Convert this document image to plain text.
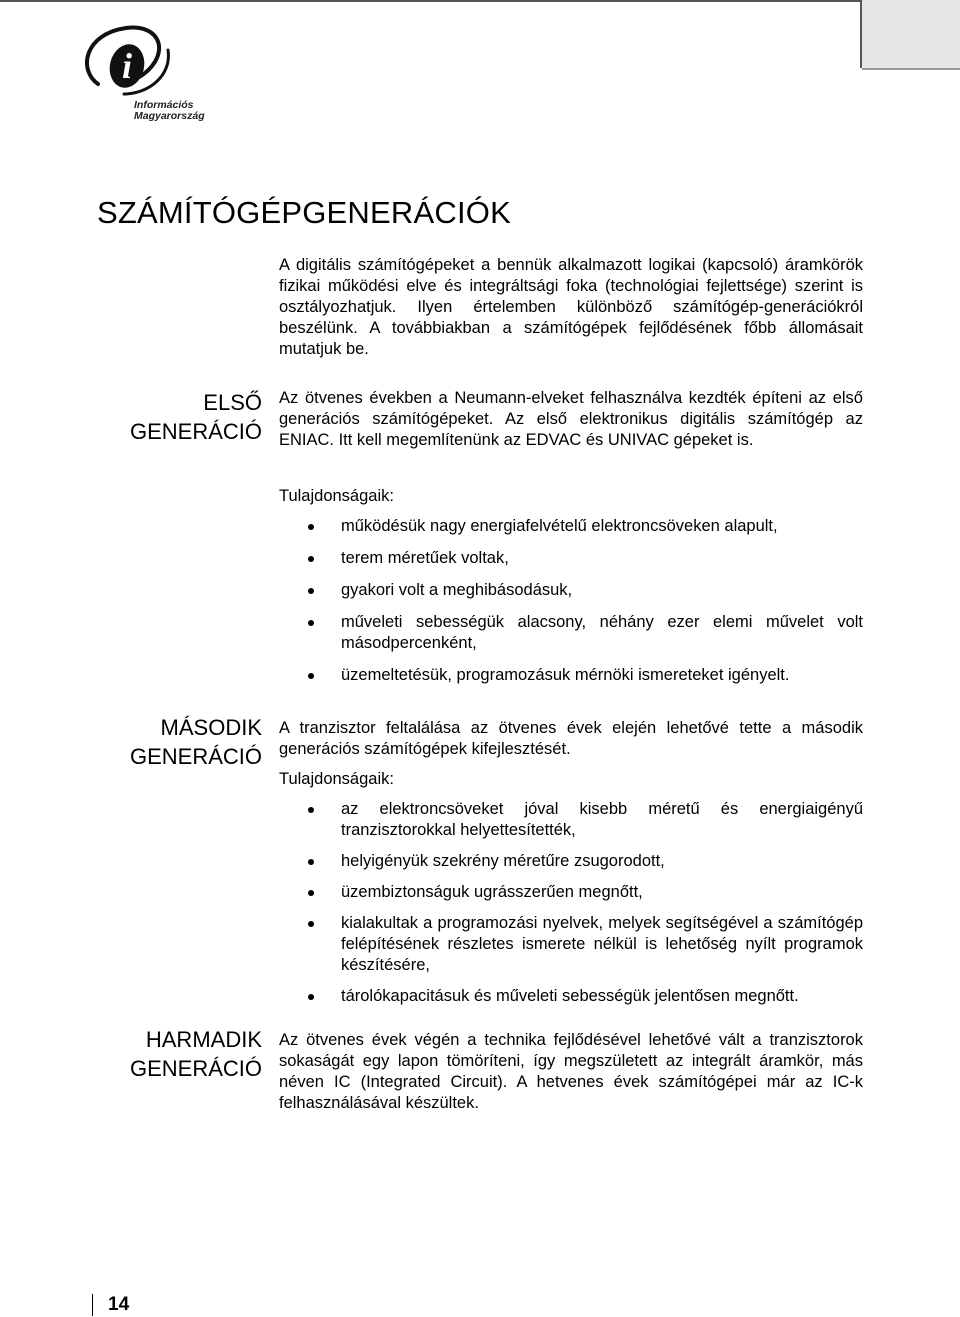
i
Információs
Magyarország
SZÁMÍTÓGÉPGENERÁCIÓK

A digitális számítógépeket a bennük alkalmazott logikai (kapcsoló) áramkörök fizikai működési elve és integráltsági foka (technológiai fejlettsége) szerint is osztályozhatjuk. Ilyen értelemben különböző számítógép-generációkról beszélünk. A továbbiakban a számítógépek fejlődésének főbb állomásait mutatjuk be.

ELSŐ
GENERÁCIÓ

Az ötvenes években a Neumann-elveket felhasználva kezdték építeni az első generációs számítógépeket. Az első elektronikus digitális számítógép az ENIAC. Itt kell megemlítenünk az EDVAC és UNIVAC gépeket is.

Tulajdonságaik:

működésük nagy energiafelvételű elektroncsöveken alapult,
terem méretűek voltak,
gyakori volt a meghibásodásuk,
műveleti sebességük alacsony, néhány ezer elemi művelet volt másodpercenként,
üzemeltetésük, programozásuk mérnöki ismereteket igényelt.
MÁSODIK
GENERÁCIÓ

A tranzisztor feltalálása az ötvenes évek elején lehetővé tette a második generációs számítógépek kifejlesztését.

Tulajdonságaik:

az elektroncsöveket jóval kisebb méretű és energiaigényű tranzisztorokkal helyettesítették,
helyigényük szekrény méretűre zsugorodott,
üzembiztonságuk ugrásszerűen megnőtt,
kialakultak a programozási nyelvek, melyek segítségével a számítógép felépítésének részletes ismerete nélkül is lehetőség nyílt programok készítésére,
tárolókapacitásuk és műveleti sebességük jelentősen megnőtt.
HARMADIK
GENERÁCIÓ

Az ötvenes évek végén a technika fejlődésével lehetővé vált a tranzisztorok sokaságát egy lapon tömöríteni, így megszületett az integrált áramkör, más néven IC (Integrated Circuit). A hetvenes évek számítógépei már az IC-k felhasználásával készültek.

14
